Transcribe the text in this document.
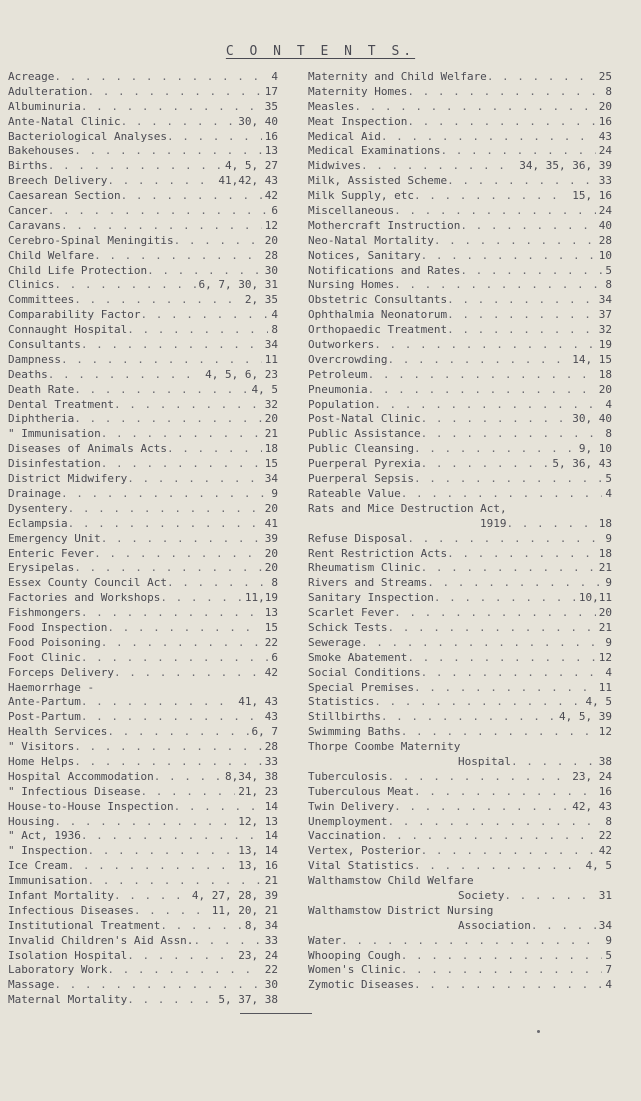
C O N T E N T S.
Acreage . . .	4
Adulteration . . .	17
Albuminuria . . .	35
Ante-Natal Clinic . . .	30, 40
Bacteriological Analyses . . .	16
Bakehouses . . .	13
Births . . .	4, 5, 27
Breech Delivery . . .	41,42, 43
Caesarean Section . . .	42
Cancer . . .	6
Caravans . . .	12
Cerebro-Spinal Meningitis . . .	20
Child Welfare . . .	28
Child Life Protection . . .	30
Clinics . . .	6, 7, 30, 31
Committees . . .	2, 35
Comparability Factor . . .	4
Connaught Hospital . . .	8
Consultants . . .	34
Dampness . . .	11
Deaths . . .	4, 5, 6, 23
Death Rate . . .	4, 5
Dental Treatment . . .	32
Diphtheria . . .	20
" Immunisation . . .	21
Diseases of Animals Acts . . .	18
Disinfestation . . .	15
District Midwifery . . .	34
Drainage . . .	9
Dysentery . . .	20
Eclampsia . . .	41
Emergency Unit . . .	39
Enteric Fever . . .	20
Erysipelas . . .	20
Essex County Council Act . . .	8
Factories and Workshops . . .	11,19
Fishmongers . . .	13
Food Inspection . . .	15
Food Poisoning . . .	22
Foot Clinic . . .	6
Forceps Delivery . . .	42
Haemorrhage -
Ante-Partum . . .	41, 43
Post-Partum . . .	43
Health Services . . .	6, 7
" Visitors . . .	28
Home Helps . . .	33
Hospital Accommodation . . .	8,34, 38
" Infectious Disease . . .	21, 23
House-to-House Inspection . . .	14
Housing . . .	12, 13
" Act, 1936 . . .	14
" Inspection . . .	13, 14
Ice Cream . . .	13, 16
Immunisation . . .	21
Infant Mortality . . .	4, 27, 28, 39
Infectious Diseases . . .	11, 20, 21
Institutional Treatment . . .	8, 34
Invalid Children's Aid Assn. . . .	33
Isolation Hospital . . .	23, 24
Laboratory Work . . .	22
Massage . . .	30
Maternal Mortality . . .	5, 37, 38
Maternity and Child Welfare . . .	25
Maternity Homes . . .	8
Measles . . .	20
Meat Inspection . . .	16
Medical Aid . . .	43
Medical Examinations . . .	24
Midwives . . .	34, 35, 36, 39
Milk, Assisted Scheme . . .	33
Milk Supply, etc . . .	15, 16
Miscellaneous . . .	24
Mothercraft Instruction . . .	40
Neo-Natal Mortality . . .	28
Notices, Sanitary . . .	10
Notifications and Rates . . .	5
Nursing Homes . . .	8
Obstetric Consultants . . .	34
Ophthalmia Neonatorum . . .	37
Orthopaedic Treatment . . .	32
Outworkers . . .	19
Overcrowding . . .	14, 15
Petroleum . . .	18
Pneumonia . . .	20
Population . . .	4
Post-Natal Clinic . . .	30, 40
Public Assistance . . .	8
Public Cleansing . . .	9, 10
Puerperal Pyrexia . . .	5, 36, 43
Puerperal Sepsis . . .	5
Rateable Value . . .	4
Rats and Mice Destruction Act,
1919 . . .	18
Refuse Disposal . . .	9
Rent Restriction Acts . . .	18
Rheumatism Clinic . . .	21
Rivers and Streams . . .	9
Sanitary Inspection . . .	10,11
Scarlet Fever . . .	20
Schick Tests . . .	21
Sewerage . . .	9
Smoke Abatement . . .	12
Social Conditions . . .	4
Special Premises . . .	11
Statistics . . .	4, 5
Stillbirths . . .	4, 5, 39
Swimming Baths . . .	12
Thorpe Coombe Maternity
Hospital . . .	38
Tuberculosis . . .	23, 24
Tuberculous Meat . . .	16
Twin Delivery . . .	42, 43
Unemployment . . .	8
Vaccination . . .	22
Vertex, Posterior . . .	42
Vital Statistics . . .	4, 5
Walthamstow Child Welfare
Society . . .	31
Walthamstow District Nursing
Association . . .	34
Water . . .	9
Whooping Cough . . .	5
Women's Clinic . . .	7
Zymotic Diseases . . .	4
